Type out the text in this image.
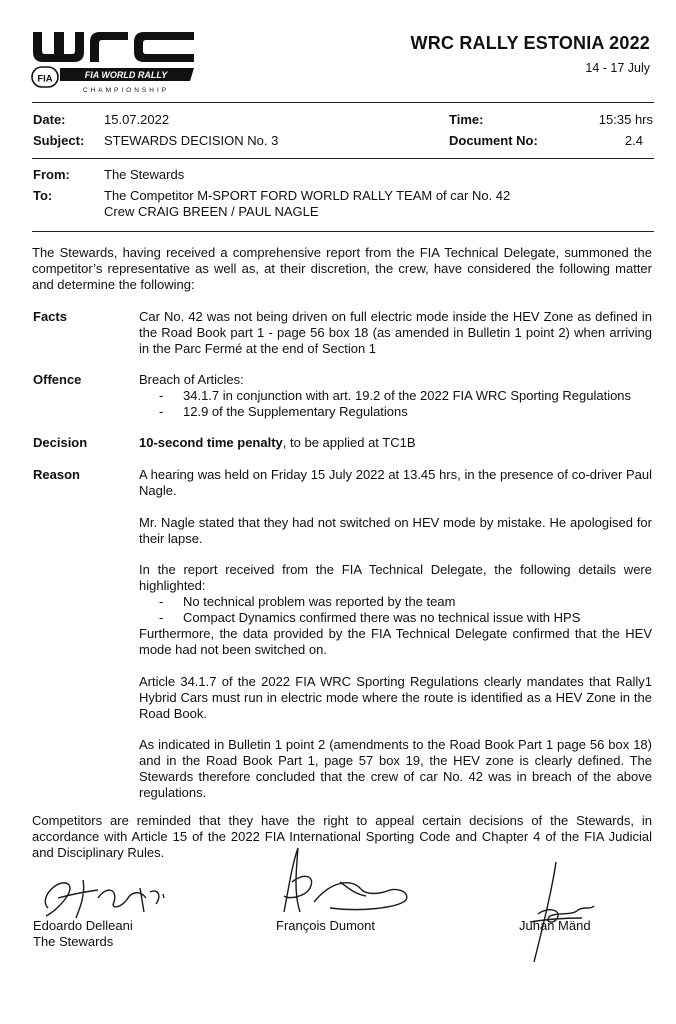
FIA	FIA WORLD RALLY
CHAMPIONSHIP
WRC RALLY ESTONIA 2022
14 - 17 July
Date:	15.07.2022	Time:	15:35 hrs
Subject: STEWARDS DECISION No. 3	Document No:	2.4
From:	The Stewards
To:	The Competitor M-SPORT FORD WORLD RALLY TEAM of car No. 42
Crew CRAIG BREEN / PAUL NAGLE
The Stewards, having received a comprehensive report from the FIA Technical Delegate, summoned the competitor’s representative as well as, at their discretion, the crew, have considered the following matter and determine the following:
Facts	Car No. 42 was not being driven on full electric mode inside the HEV Zone as defined in the Road Book part 1 - page 56 box 18 (as amended in Bulletin 1 point 2) when arriving in the Parc Fermé at the end of Section 1
Offence	Breach of Articles:

- 34.1.7 in conjunction with art. 19.2 of the 2022 FIA WRC Sporting Regulations
- 12.9 of the Supplementary Regulations
Decision	10-second time penalty, to be applied at TC1B
Reason	A hearing was held on Friday 15 July 2022 at 13.45 hrs, in the presence of co-driver Paul Nagle.
Mr. Nagle stated that they had not switched on HEV mode by mistake. He apologised for their lapse.

In the report received from the FIA Technical Delegate, the following details were highlighted:

- No technical problem was reported by the team
- Compact Dynamics confirmed there was no technical issue with HPS

Furthermore, the data provided by the FIA Technical Delegate confirmed that the HEV mode had not been switched on.

Article 34.1.7 of the 2022 FIA WRC Sporting Regulations clearly mandates that Rally1 Hybrid Cars must run in electric mode where the route is identified as a HEV Zone in the Road Book.
As indicated in Bulletin 1 point 2 (amendments to the Road Book Part 1 page 56 box 18) and in the Road Book Part 1, page 57 box 19, the HEV zone is clearly defined. The Stewards therefore concluded that the crew of car No. 42 was in breach of the above regulations.
Competitors are reminded that they have the right to appeal certain decisions of the Stewards, in accordance with Article 15 of the 2022 FIA International Sporting Code and Chapter 4 of the FIA Judicial and Disciplinary Rules.
Edoardo Delleani
The Stewards
François Dumont	Juhan Mänd
